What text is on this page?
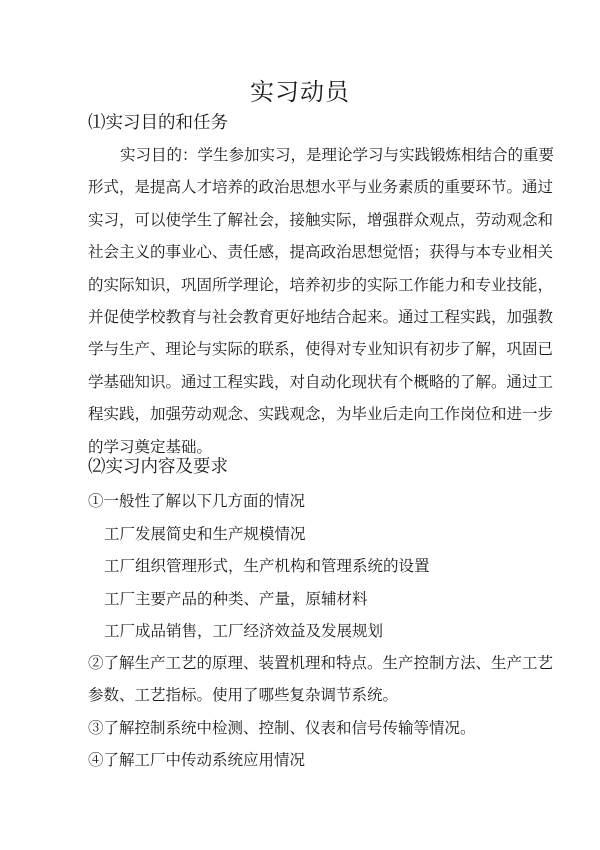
实习动员
⑴实习目的和任务
实习目的：学生参加实习，是理论学习与实践锻炼相结合的重要
形式，是提高人才培养的政治思想水平与业务素质的重要环节。通过
实习，可以使学生了解社会，接触实际，增强群众观点，劳动观念和
社会主义的事业心、责任感，提高政治思想觉悟；获得与本专业相关
的实际知识，巩固所学理论，培养初步的实际工作能力和专业技能，
并促使学校教育与社会教育更好地结合起来。通过工程实践，加强教
学与生产、理论与实际的联系，使得对专业知识有初步了解，巩固已
学基础知识。通过工程实践，对自动化现状有个概略的了解。通过工
程实践，加强劳动观念、实践观念，为毕业后走向工作岗位和进一步
的学习奠定基础。
⑵实习内容及要求
①一般性了解以下几方面的情况
工厂发展简史和生产规模情况
工厂组织管理形式，生产机构和管理系统的设置
工厂主要产品的种类、产量，原辅材料
工厂成品销售，工厂经济效益及发展规划
②了解生产工艺的原理、装置机理和特点。生产控制方法、生产工艺
参数、工艺指标。使用了哪些复杂调节系统。
③了解控制系统中检测、控制、仪表和信号传输等情况。
④了解工厂中传动系统应用情况
